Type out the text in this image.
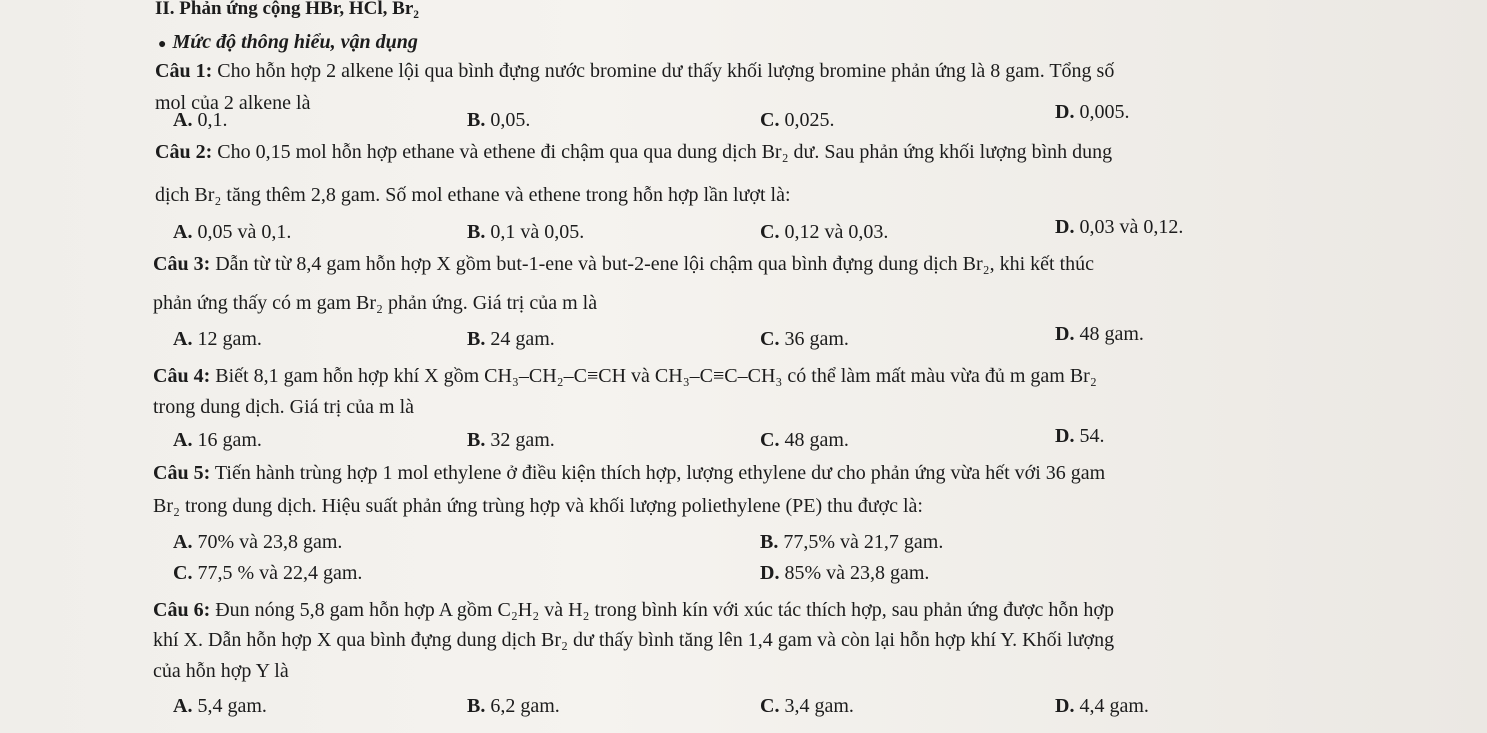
II. Phản ứng cộng HBr, HCl, Br₂
● Mức độ thông hiểu, vận dụng
Câu 1: Cho hỗn hợp 2 alkene lội qua bình đựng nước bromine dư thấy khối lượng bromine phản ứng là 8 gam. Tổng số
mol của 2 alkene là
A. 0,1.	B. 0,05.	C. 0,025.	D. 0,005.
Câu 2: Cho 0,15 mol hỗn hợp ethane và ethene đi chậm qua qua dung dịch Br₂ dư. Sau phản ứng khối lượng bình dung
dịch Br₂ tăng thêm 2,8 gam. Số mol ethane và ethene trong hỗn hợp lần lượt là:
A. 0,05 và 0,1.	B. 0,1 và 0,05.	C. 0,12 và 0,03.	D. 0,03 và 0,12.
Câu 3: Dẫn từ từ 8,4 gam hỗn hợp X gồm but-1-ene và but-2-ene lội chậm qua bình đựng dung dịch Br₂, khi kết thúc
phản ứng thấy có m gam Br₂ phản ứng. Giá trị của m là
A. 12 gam.	B. 24 gam.	C. 36 gam.	D. 48 gam.
Câu 4: Biết 8,1 gam hỗn hợp khí X gồm CH₃–CH₂–C≡CH và CH₃–C≡C–CH₃ có thể làm mất màu vừa đủ m gam Br₂
trong dung dịch. Giá trị của m là
A. 16 gam.	B. 32 gam.	C. 48 gam.	D. 54.
Câu 5: Tiến hành trùng hợp 1 mol ethylene ở điều kiện thích hợp, lượng ethylene dư cho phản ứng vừa hết với 36 gam
Br₂ trong dung dịch. Hiệu suất phản ứng trùng hợp và khối lượng poliethylene (PE) thu được là:
A. 70% và 23,8 gam.	B. 77,5% và 21,7 gam.
C. 77,5 % và 22,4 gam.	D. 85% và 23,8 gam.
Câu 6: Đun nóng 5,8 gam hỗn hợp A gồm C₂H₂ và H₂ trong bình kín với xúc tác thích hợp, sau phản ứng được hỗn hợp
khí X. Dẫn hỗn hợp X qua bình đựng dung dịch Br₂ dư thấy bình tăng lên 1,4 gam và còn lại hỗn hợp khí Y. Khối lượng
của hỗn hợp Y là
A. 5,4 gam.	B. 6,2 gam.	C. 3,4 gam.	D. 4,4 gam.
